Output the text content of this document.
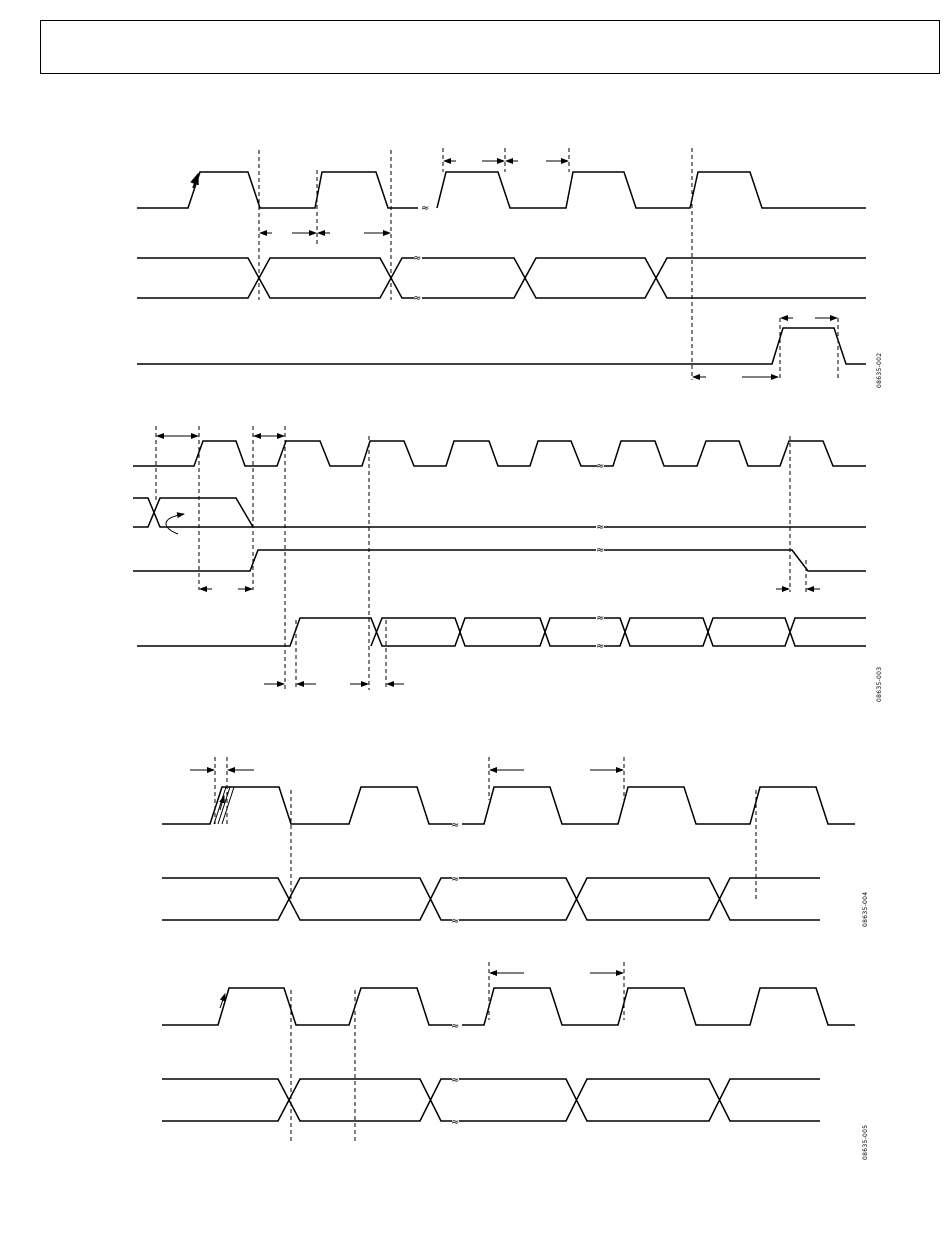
≈
≈
≈
≈
≈
≈
≈
≈
≈
≈
≈
≈
≈
≈
08635-002
08635-003
08635-004
08635-005
